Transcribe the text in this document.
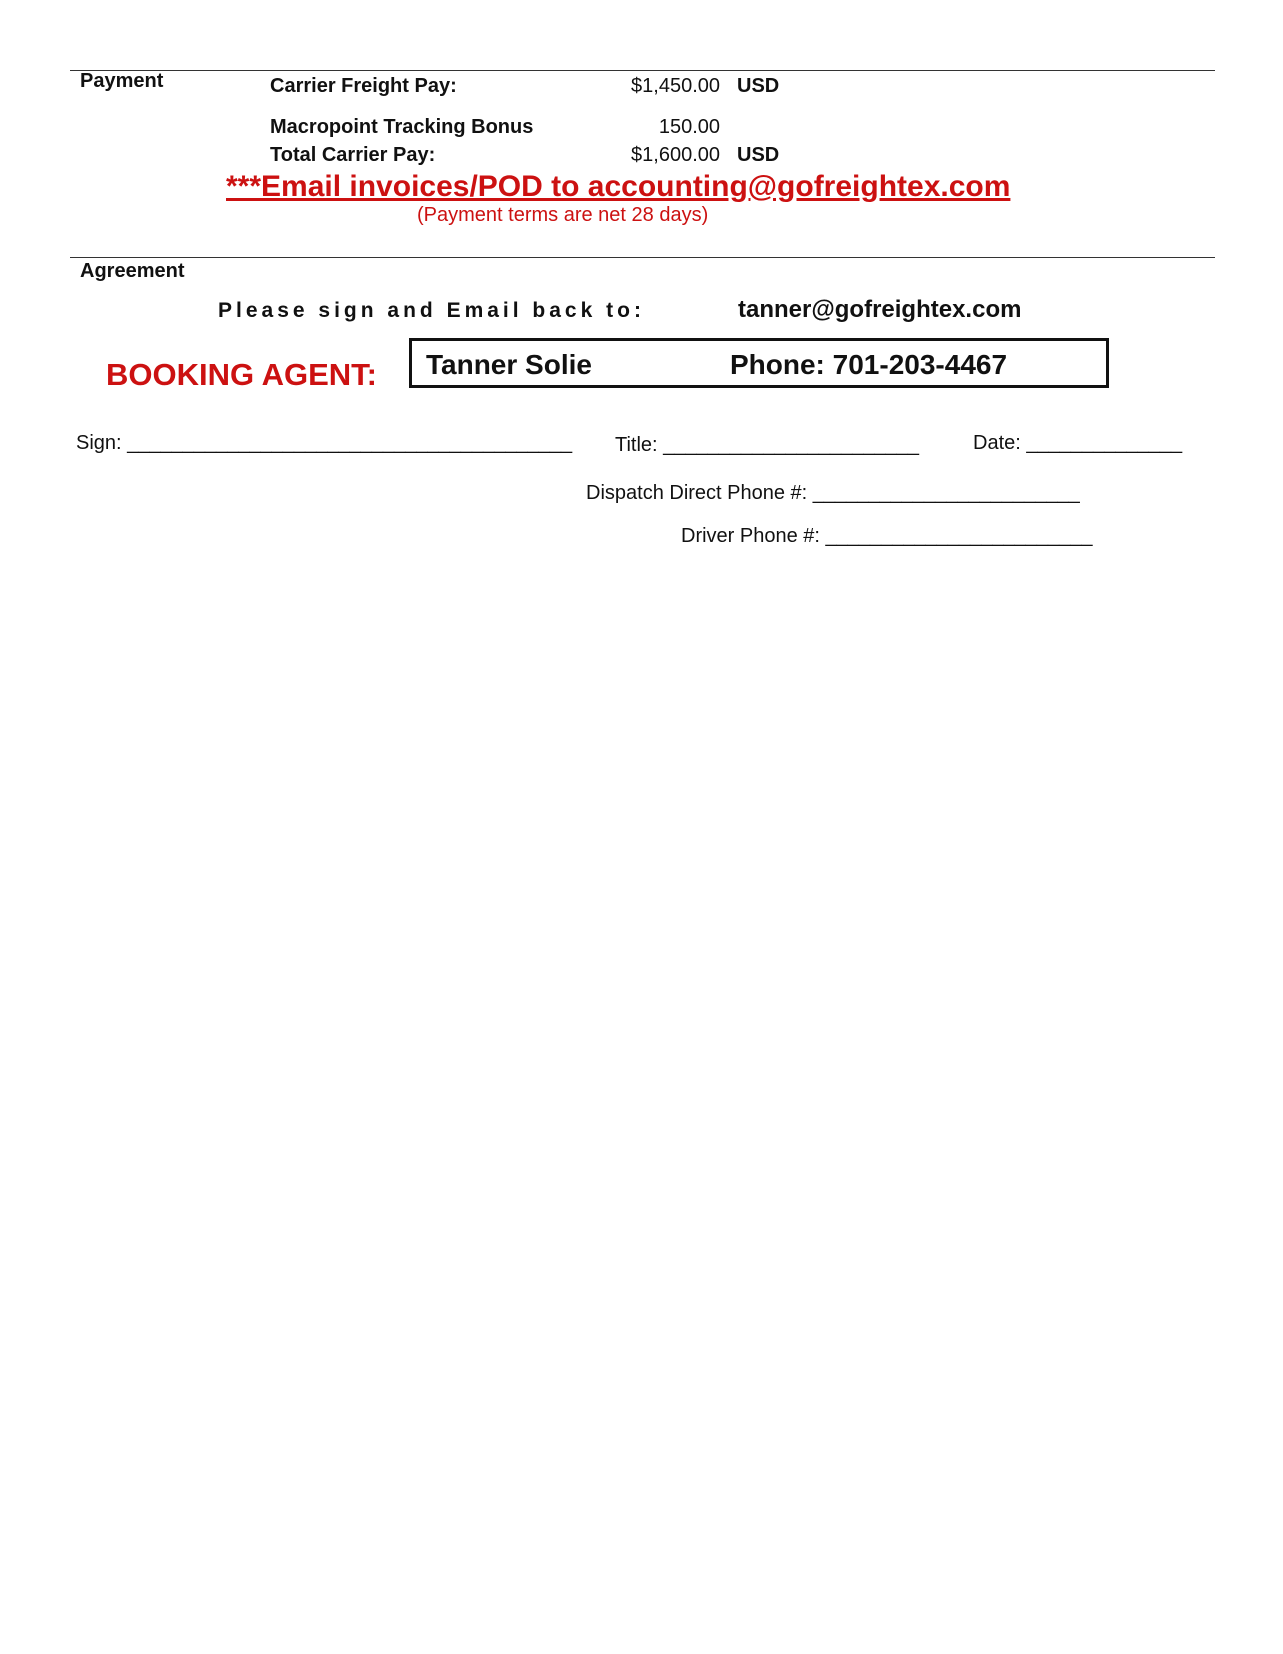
Payment	Carrier Freight Pay:	$1,450.00 USD
Macropoint Tracking Bonus	150.00
Total Carrier Pay:	$1,600.00 USD
***Email invoices/POD to accounting@gofreightex.com
(Payment terms are net 28 days)
Agreement
Please sign and Email back to:	tanner@gofreightex.com
BOOKING AGENT: Tanner Solie	Phone: 701-203-4467
Sign: ________________________________________ Title: _______________________	Date: ______________
Dispatch Direct Phone #: ________________________
Driver Phone #: ________________________
